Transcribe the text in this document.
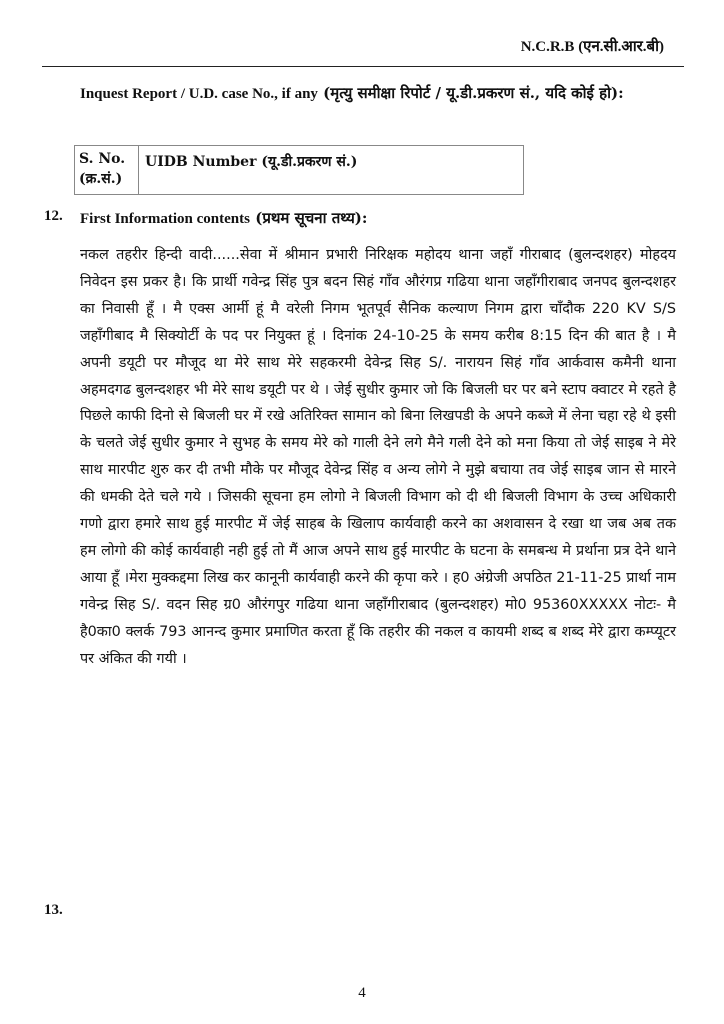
N.C.R.B (एन.सी.आर.बी)
Inquest Report / U.D. case No., if any (मृत्यु समीक्षा रिपोर्ट / यू.डी.प्रकरण सं., यदि कोई हो):
S. No. (क्र.सं.)
UIDB Number (यू.डी.प्रकरण सं.)
12. First Information contents (प्रथम सूचना तथ्य):

नकल तहरीर हिन्दी वादी......सेवा में श्रीमान प्रभारी निरिक्षक महोदय थाना जहाँ गीराबाद (बुलन्दशहर) मोहदय निवेदन इस प्रकर है। कि प्रार्थी गवेन्द्र सिंह पुत्र बदन सिहं गाँव औरंगप्र गढिया थाना जहाँगीराबाद जनपद बुलन्दशहर का निवासी हूँ । मै एक्स आर्मी हूं मै वरेली निगम भूतपूर्व सैनिक कल्याण निगम द्वारा चाँदौक 220 KV S/S जहाँगीबाद मै सिक्योर्टी के पद पर नियुक्त हूं । दिनांक 24-10-25 के समय करीब 8:15 दिन की बात है । मै अपनी डयूटी पर मौजूद था मेरे साथ मेरे सहकरमी देवेन्द्र सिह S/. नारायन सिहं गाँव आर्कवास कमैनी थाना अहमदगढ बुलन्दशहर भी मेरे साथ डयूटी पर थे । जेई सुधीर कुमार जो कि बिजली घर पर बने स्टाप क्वाटर मे रहते है पिछले काफी दिनो से बिजली घर में रखे अतिरिक्त सामान को बिना लिखपडी के अपने कब्जे में लेना चहा रहे थे इसी के चलते जेई सुधीर कुमार ने सुभह के समय मेरे को गाली देने लगे मैने गली देने को मना किया तो जेई साइब ने मेरे साथ मारपीट शुरु कर दी तभी मौके पर मौजूद देवेन्द्र सिंह व अन्य लोगे ने मुझे बचाया तव जेई साइब जान से मारने की धमकी देते चले गये । जिसकी सूचना हम लोगो ने बिजली विभाग को दी थी बिजली विभाग के उच्च अधिकारी गणो द्वारा हमारे साथ हुई मारपीट में जेई साहब के खिलाप कार्यवाही करने का अशवासन दे रखा था जब अब तक हम लोगो की कोई कार्यवाही नही हुई तो मैं आज अपने साथ हुई मारपीट के घटना के समबन्ध मे प्रर्थाना प्रत्र देने थाने आया हूँ ।मेरा मुक्कद्दमा लिख कर कानूनी कार्यवाही करने की कृपा करे । ह0 अंग्रेजी अपठित 21-11-25 प्रार्था नाम गवेन्द्र सिह S/. वदन सिह ग्र0 औरंगपुर गढिया थाना जहाँगीराबाद (बुलन्दशहर) मो0 95360XXXXX नोटः- मै है0का0 क्लर्क 793 आनन्द कुमार प्रमाणित करता हूँ कि तहरीर की नकल व कायमी शब्द ब शब्द मेरे द्वारा कम्प्यूटर पर अंकित की गयी ।

13.
4
